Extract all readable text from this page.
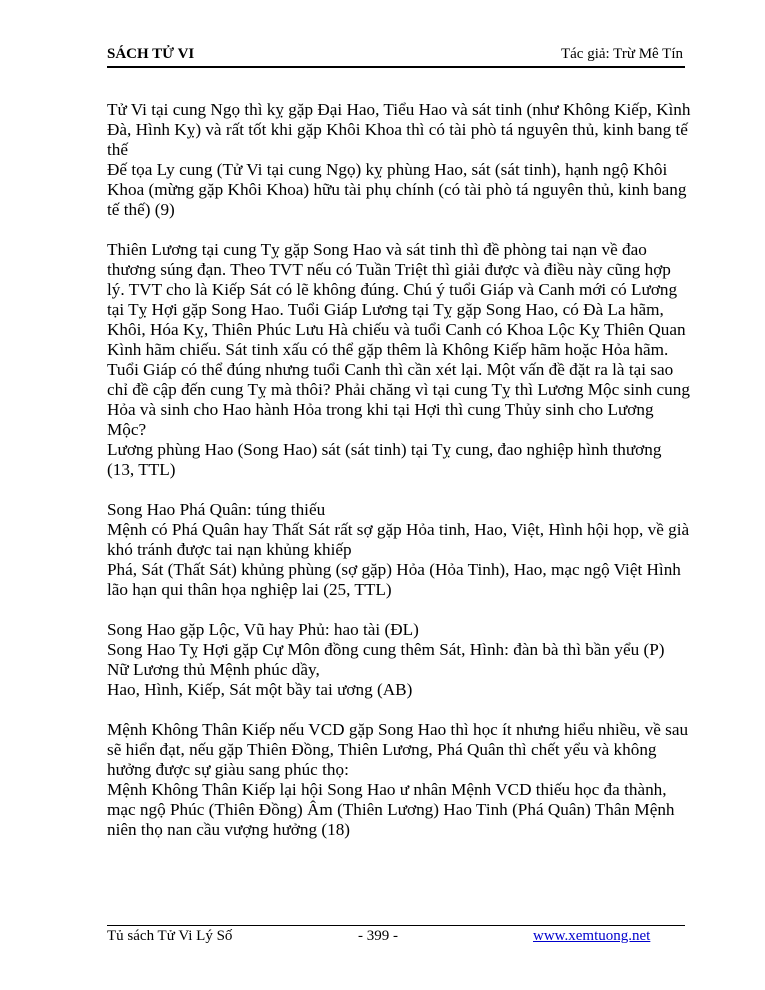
SÁCH TỬ VI	Tác giả: Trừ Mê Tín

Tử Vi tại cung Ngọ thì kỵ gặp Đại Hao, Tiểu Hao và sát tinh (như Không Kiếp, Kình Đà, Hình Kỵ) và rất tốt khi gặp Khôi Khoa thì có tài phò tá nguyên thủ, kinh bang tế thế

Đế tọa Ly cung (Tử Vi tại cung Ngọ) kỵ phùng Hao, sát (sát tinh), hạnh ngộ Khôi Khoa (mừng gặp Khôi Khoa) hữu tài phụ chính (có tài phò tá nguyên thủ, kinh bang tế thế) (9)

Thiên Lương tại cung Tỵ gặp Song Hao và sát tinh thì đề phòng tai nạn về đao thương súng đạn. Theo TVT nếu có Tuần Triệt thì giải được và điều này cũng hợp lý. TVT cho là Kiếp Sát có lẽ không đúng. Chú ý tuổi Giáp và Canh mới có Lương tại Tỵ Hợi gặp Song Hao. Tuổi Giáp Lương tại Tỵ gặp Song Hao, có Đà La hãm, Khôi, Hóa Kỵ, Thiên Phúc Lưu Hà chiếu và tuổi Canh có Khoa Lộc Kỵ Thiên Quan Kình hãm chiếu. Sát tinh xấu có thể gặp thêm là Không Kiếp hãm hoặc Hỏa hãm. Tuổi Giáp có thể đúng nhưng tuổi Canh thì cần xét lại. Một vấn đề đặt ra là tại sao chỉ đề cập đến cung Tỵ mà thôi? Phải chăng vì tại cung Tỵ thì Lương Mộc sinh cung Hỏa và sinh cho Hao hành Hỏa trong khi tại Hợi thì cung Thủy sinh cho Lương Mộc?

Lương phùng Hao (Song Hao) sát (sát tinh) tại Tỵ cung, đao nghiệp hình thương (13, TTL)

Song Hao Phá Quân: túng thiếu

Mệnh có Phá Quân hay Thất Sát rất sợ gặp Hỏa tinh, Hao, Việt, Hình hội họp, về già khó tránh được tai nạn khủng khiếp

Phá, Sát (Thất Sát) khủng phùng (sợ gặp) Hỏa (Hỏa Tinh), Hao, mạc ngộ Việt Hình lão hạn qui thân họa nghiệp lai (25, TTL)

Song Hao gặp Lộc, Vũ hay Phủ: hao tài (ĐL)

Song Hao Tỵ Hợi gặp Cự Môn đồng cung thêm Sát, Hình: đàn bà thì bần yểu (P)

Nữ Lương thủ Mệnh phúc dầy,

Hao, Hình, Kiếp, Sát một bầy tai ương (AB)

Mệnh Không Thân Kiếp nếu VCD gặp Song Hao thì học ít nhưng hiểu nhiều, về sau sẽ hiển đạt, nếu gặp Thiên Đồng, Thiên Lương, Phá Quân thì chết yểu và không hưởng được sự giàu sang phúc thọ:

Mệnh Không Thân Kiếp lại hội Song Hao ư nhân Mệnh VCD thiếu học đa thành, mạc ngộ Phúc (Thiên Đồng) Âm (Thiên Lương) Hao Tinh (Phá Quân) Thân Mệnh niên thọ nan cầu vượng hưởng (18)

Tủ sách Tử Vi Lý Số	- 399 -	www.xemtuong.net
